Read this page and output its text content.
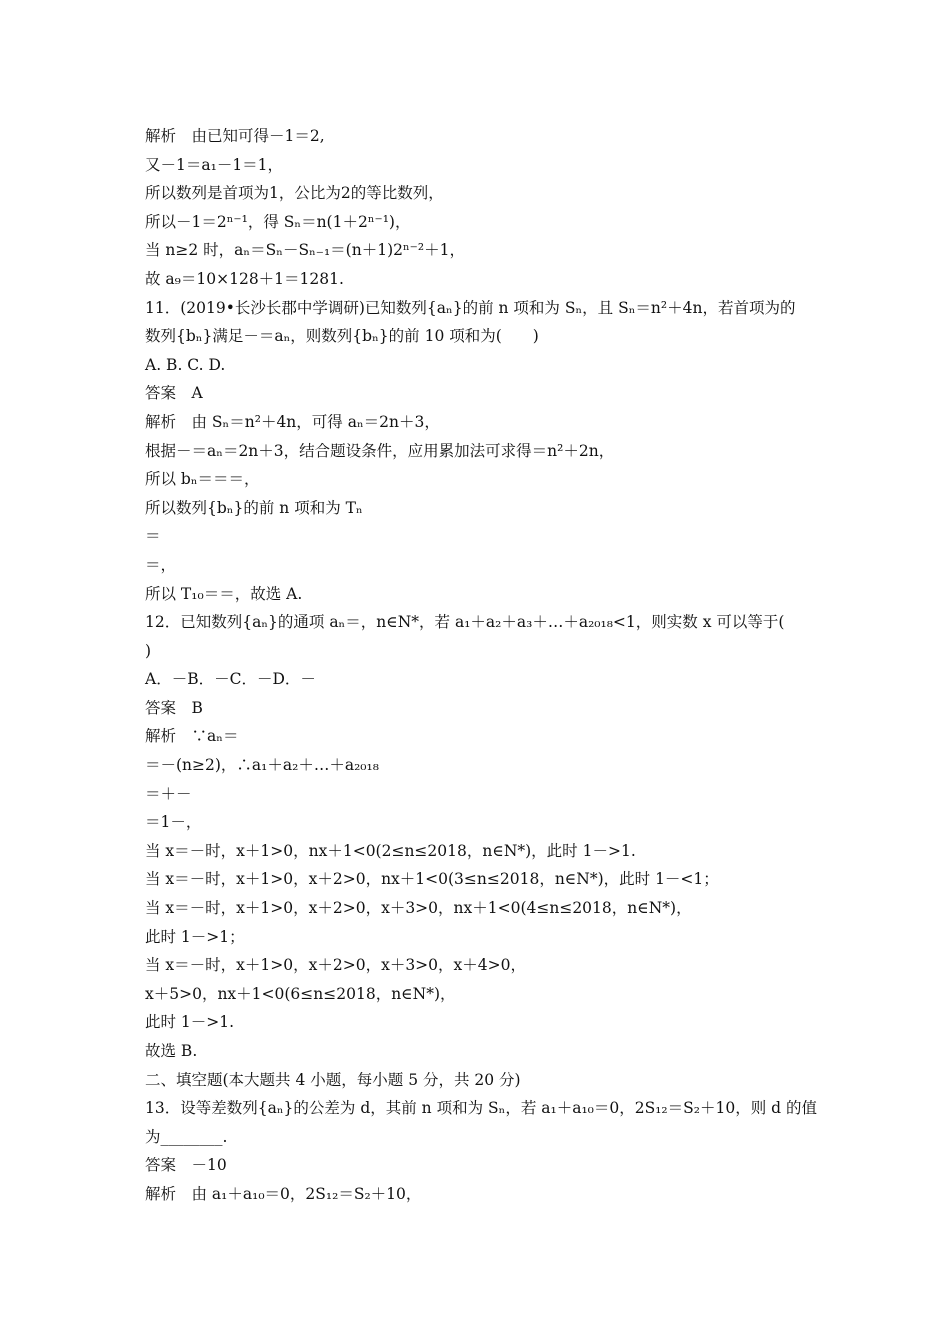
解析　由已知可得－1＝2,
又－1＝a₁－1＝1，
所以数列是首项为1，公比为2的等比数列，
所以－1＝2ⁿ⁻¹，得 Sₙ＝n(1＋2ⁿ⁻¹)，
当 n≥2 时，aₙ＝Sₙ－Sₙ₋₁＝(n＋1)2ⁿ⁻²＋1，
故 a₉＝10×128＋1＝1281.
11．(2019•长沙长郡中学调研)已知数列{aₙ}的前 n 项和为 Sₙ，且 Sₙ＝n²＋4n，若首项为的
数列{bₙ}满足－＝aₙ，则数列{bₙ}的前 10 项和为(　　)
A. B. C. D.
答案　A
解析　由 Sₙ＝n²＋4n，可得 aₙ＝2n＋3，
根据－＝aₙ＝2n＋3，结合题设条件，应用累加法可求得＝n²＋2n，
所以 bₙ＝＝＝，
所以数列{bₙ}的前 n 项和为 Tₙ
＝
＝，
所以 T₁₀＝＝，故选 A.
12．已知数列{aₙ}的通项 aₙ＝，n∈N*，若 a₁＋a₂＋a₃＋…＋a₂₀₁₈<1，则实数 x 可以等于(
)
A．－B．－C．－D．－
答案　B
解析　∵aₙ＝
＝－(n≥2)，∴a₁＋a₂＋…＋a₂₀₁₈
＝＋－
＝1－，
当 x＝－时，x＋1>0，nx＋1<0(2≤n≤2018，n∈N*)，此时 1－>1.
当 x＝－时，x＋1>0，x＋2>0，nx＋1<0(3≤n≤2018，n∈N*)，此时 1－<1；
当 x＝－时，x＋1>0，x＋2>0，x＋3>0，nx＋1<0(4≤n≤2018，n∈N*)，
此时 1－>1；
当 x＝－时，x＋1>0，x＋2>0，x＋3>0，x＋4>0，
x＋5>0，nx＋1<0(6≤n≤2018，n∈N*)，
此时 1－>1.
故选 B.
二、填空题(本大题共 4 小题，每小题 5 分，共 20 分)
13．设等差数列{aₙ}的公差为 d，其前 n 项和为 Sₙ，若 a₁＋a₁₀＝0，2S₁₂＝S₂＋10，则 d 的值
为________.
答案　－10
解析　由 a₁＋a₁₀＝0，2S₁₂＝S₂＋10，
